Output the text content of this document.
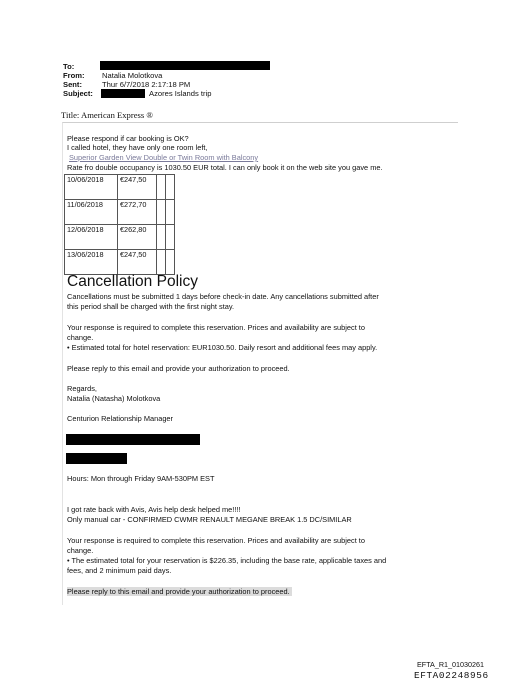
To:
From: Natalia Molotkova
Sent:	Thur 6/7/2018 2:17:18 PM
Subject:	Azores Islands trip
Title: American Express ®
Please respond if car booking is OK?
I called hotel, they have only one room left,
Superior Garden View Double or Twin Room with Balcony
Rate fro double occupancy is 1030.50 EUR total. I can only book it on the web site you gave me.
10/06/2018	€247,50		
11/06/2018	€272,70		
12/06/2018	€262,80		
13/06/2018	€247,50		
Cancellation Policy
Cancellations must be submitted 1 days before check-in date. Any cancellations submitted after
this period shall be charged with the first night stay.
Your response is required to complete this reservation. Prices and availability are subject to
change.
• Estimated total for hotel reservation: EUR1030.50. Daily resort and additional fees may apply.
Please reply to this email and provide your authorization to proceed.
Regards,
Natalia (Natasha) Molotkova
Centurion Relationship Manager
Hours: Mon through Friday 9AM-530PM EST
I got rate back with Avis, Avis help desk helped me!!!!
Only manual car - CONFIRMED CWMR RENAULT MEGANE BREAK 1.5 DC/SIMILAR
Your response is required to complete this reservation. Prices and availability are subject to
change.
• The estimated total for your reservation is $226.35, including the base rate, applicable taxes and
fees, and 2 minimum paid days.
Please reply to this email and provide your authorization to proceed.
EFTA_R1_01030261
EFTA02248956
